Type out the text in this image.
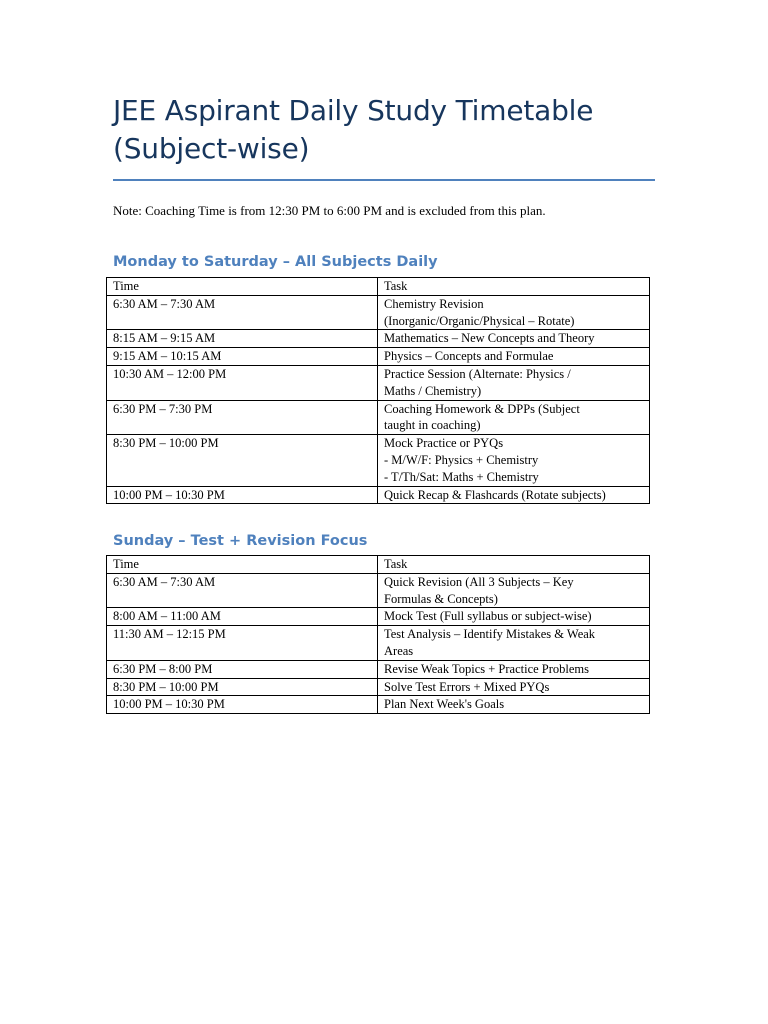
JEE Aspirant Daily Study Timetable (Subject-wise)

Note: Coaching Time is from 12:30 PM to 6:00 PM and is excluded from this plan.

Monday to Saturday – All Subjects Daily
Time	Task
6:30 AM – 7:30 AM	Chemistry Revision
(Inorganic/Organic/Physical – Rotate)
8:15 AM – 9:15 AM	Mathematics – New Concepts and Theory
9:15 AM – 10:15 AM	Physics – Concepts and Formulae
10:30 AM – 12:00 PM	Practice Session (Alternate: Physics /
Maths / Chemistry)
6:30 PM – 7:30 PM	Coaching Homework & DPPs (Subject
taught in coaching)
8:30 PM – 10:00 PM	Mock Practice or PYQs
- M/W/F: Physics + Chemistry
- T/Th/Sat: Maths + Chemistry
10:00 PM – 10:30 PM	Quick Recap & Flashcards (Rotate subjects)
Sunday – Test + Revision Focus
Time	Task
6:30 AM – 7:30 AM	Quick Revision (All 3 Subjects – Key
Formulas & Concepts)
8:00 AM – 11:00 AM	Mock Test (Full syllabus or subject-wise)
11:30 AM – 12:15 PM	Test Analysis – Identify Mistakes & Weak
Areas
6:30 PM – 8:00 PM	Revise Weak Topics + Practice Problems
8:30 PM – 10:00 PM	Solve Test Errors + Mixed PYQs
10:00 PM – 10:30 PM	Plan Next Week's Goals
